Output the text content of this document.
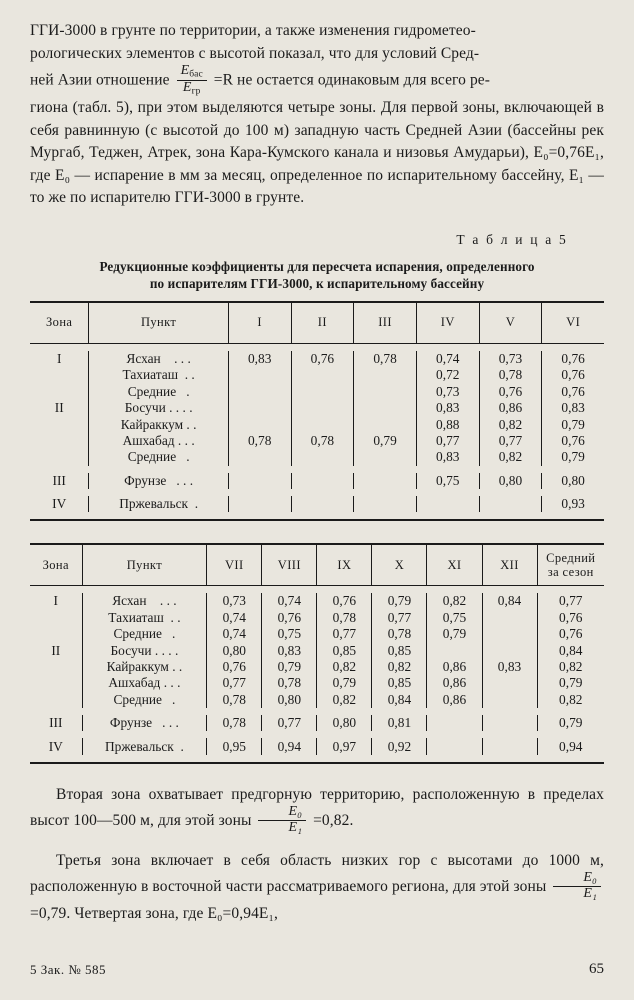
ГГИ-3000 в грунте по территории, а также изменения гидрометео-

рологических элементов с высотой показал, что для условий Сред-

ней Азии отношение $\frac{E_{бас}}{E_{гр}} =R$ не остается одинаковым для всего ре-

гиона (табл. 5), при этом выделяются четыре зоны. Для первой зоны, включающей в себя равнинную (с высотой до 100 м) западную часть Средней Азии (бассейны рек Мургаб, Теджен, Атрек, зона Кара-Кумского канала и низовья Амударьи), E₀=0,76E₁, где E₀ — испарение в мм за месяц, определенное по испарительному бассейну, E₁ — то же по испарителю ГГИ-3000 в грунте.

Т а б л и ц а 5
Редукционные коэффициенты для пересчета испарения, определенного
по испарителям ГГИ-3000, к испарительному бассейну
Зона	Пункт	I	II	III	IV	V	VI

I	Ясхан    . . .	0,83	0,76	0,78	0,74	0,73	0,76
	Тахиаташ  . .				0,72	0,78	0,76
	Средние   .				0,73	0,76	0,76
II	Босучи . . . .				0,83	0,86	0,83
	Кайраккум . .				0,88	0,82	0,79
	Ашхабад . . .	0,78	0,78	0,79	0,77	0,77	0,76
	Средние   .				0,83	0,82	0,79

III	Фрунзе   . . .				0,75	0,80	0,80

IV	Пржевальск  .						0,93

Зона	Пункт	VII	VIII	IX	X	XI	XII	Средний
за сезон

I	Ясхан    . . .	0,73	0,74	0,76	0,79	0,82	0,84	0,77
	Тахиаташ  . .	0,74	0,76	0,78	0,77	0,75		0,76
	Средние   .	0,74	0,75	0,77	0,78	0,79		0,76
II	Босучи . . . .	0,80	0,83	0,85	0,85			0,84
	Кайраккум . .	0,76	0,79	0,82	0,82	0,86	0,83	0,82
	Ашхабад . . .	0,77	0,78	0,79	0,85	0,86		0,79
	Средние   .	0,78	0,80	0,82	0,84	0,86		0,82

III	Фрунзе   . . .	0,78	0,77	0,80	0,81			0,79

IV	Пржевальск  .	0,95	0,94	0,97	0,92			0,94

Вторая зона охватывает предгорную территорию, расположенную в пределах высот 100—500 м, для этой зоны $\frac{\text{E₀}}{\text{E₁}} =0,82$.

Третья зона включает в себя область низких гор с высотами до 1000 м, расположенную в восточной части рассматриваемого региона, для этой зоны $\frac{\text{E₀}}{\text{E₁}}$
=0,79. Четвертая зона, где E₀=0,94E₁,

5 Зак. № 585	65
